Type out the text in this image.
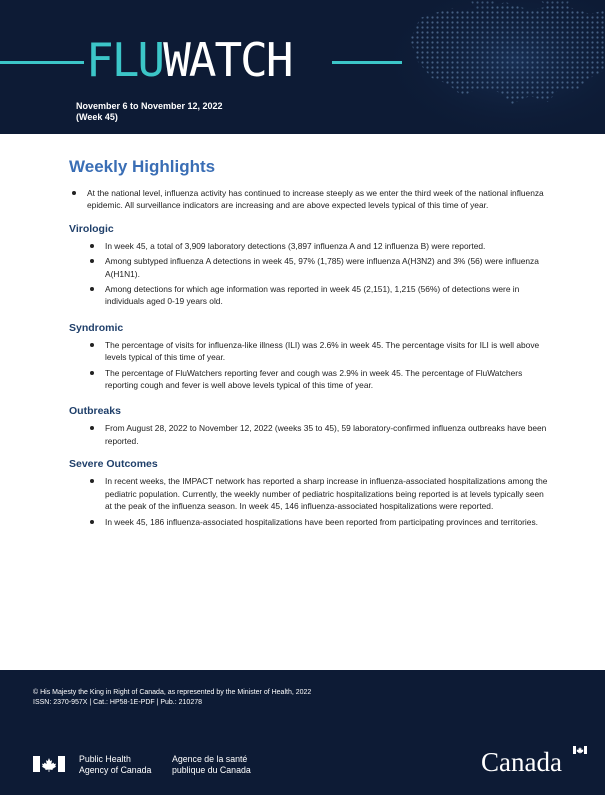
FLUWATCH
November 6 to November 12, 2022
(Week 45)
Weekly Highlights
At the national level, influenza activity has continued to increase steeply as we enter the third week of the national influenza epidemic. All surveillance indicators are increasing and are above expected levels typical of this time of year.
Virologic
In week 45, a total of 3,909 laboratory detections (3,897 influenza A and 12 influenza B) were reported.
Among subtyped influenza A detections in week 45, 97% (1,785) were influenza A(H3N2) and 3% (56) were influenza A(H1N1).
Among detections for which age information was reported in week 45 (2,151), 1,215 (56%) of detections were in individuals aged 0-19 years old.
Syndromic
The percentage of visits for influenza-like illness (ILI) was 2.6% in week 45. The percentage visits for ILI is well above levels typical of this time of year.
The percentage of FluWatchers reporting fever and cough was 2.9% in week 45. The percentage of FluWatchers reporting cough and fever is well above levels typical of this time of year.
Outbreaks
From August 28, 2022 to November 12, 2022 (weeks 35 to 45), 59 laboratory-confirmed influenza outbreaks have been reported.
Severe Outcomes
In recent weeks, the IMPACT network has reported a sharp increase in influenza-associated hospitalizations among the pediatric population. Currently, the weekly number of pediatric hospitalizations being reported is at levels typically seen at the peak of the influenza season. In week 45, 146 influenza-associated hospitalizations were reported.
In week 45, 186 influenza-associated hospitalizations have been reported from participating provinces and territories.
© His Majesty the King in Right of Canada, as represented by the Minister of Health, 2022
ISSN: 2370-957X | Cat.: HP58-1E-PDF | Pub.: 210278
Public Health
Agency of Canada
Agence de la santé
publique du Canada	Canada
